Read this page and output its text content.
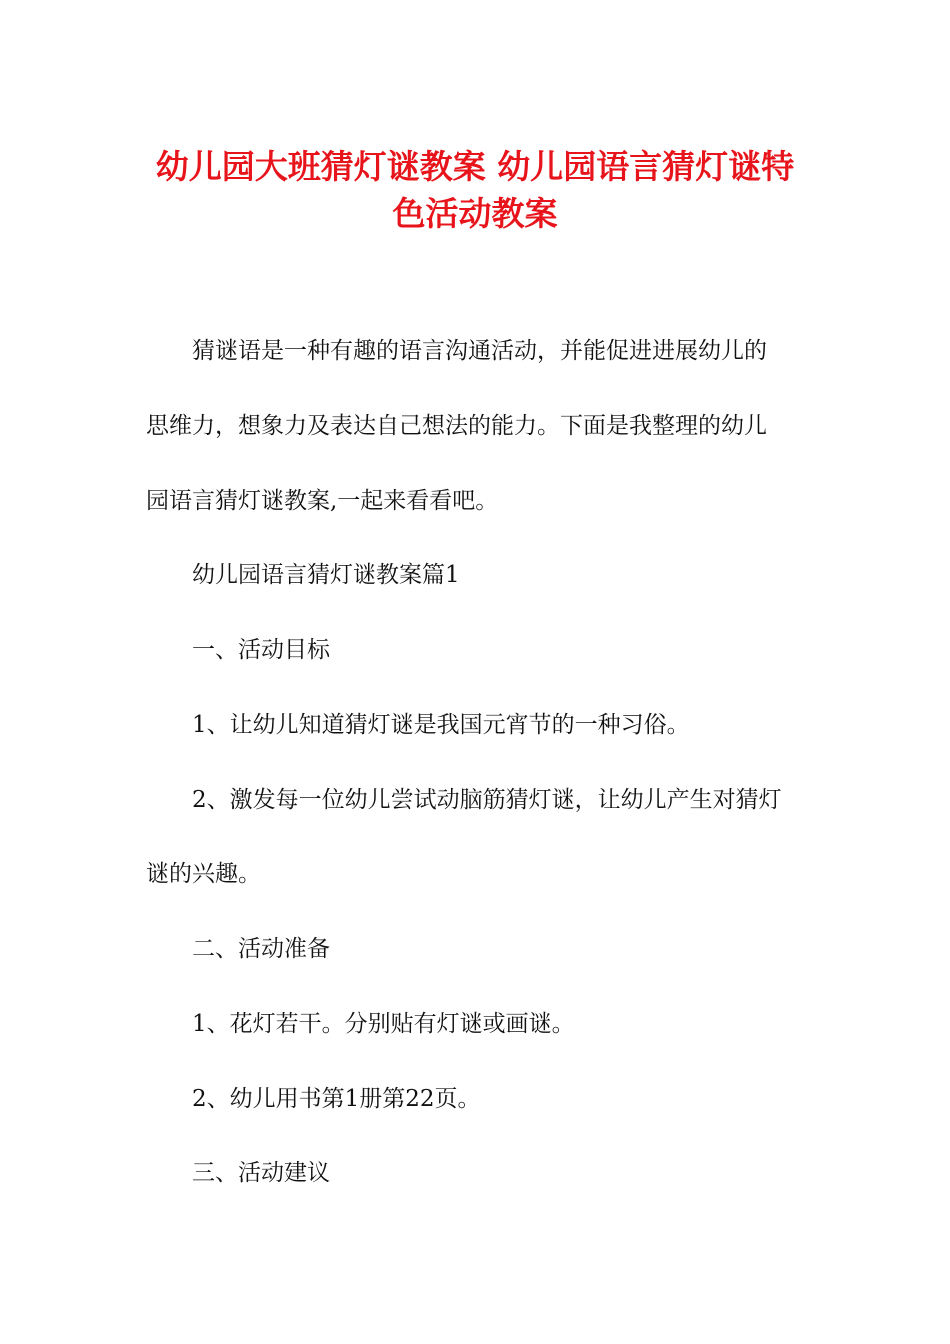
幼儿园大班猜灯谜教案 幼儿园语言猜灯谜特
色活动教案

猜谜语是一种有趣的语言沟通活动，并能促进进展幼儿的

思维力，想象力及表达自己想法的能力。下面是我整理的幼儿

园语言猜灯谜教案,一起来看看吧。

幼儿园语言猜灯谜教案篇1

一、活动目标

1、让幼儿知道猜灯谜是我国元宵节的一种习俗。

2、激发每一位幼儿尝试动脑筋猜灯谜，让幼儿产生对猜灯

谜的兴趣。

二、活动准备

1、花灯若干。分别贴有灯谜或画谜。

2、幼儿用书第1册第22页。

三、活动建议
